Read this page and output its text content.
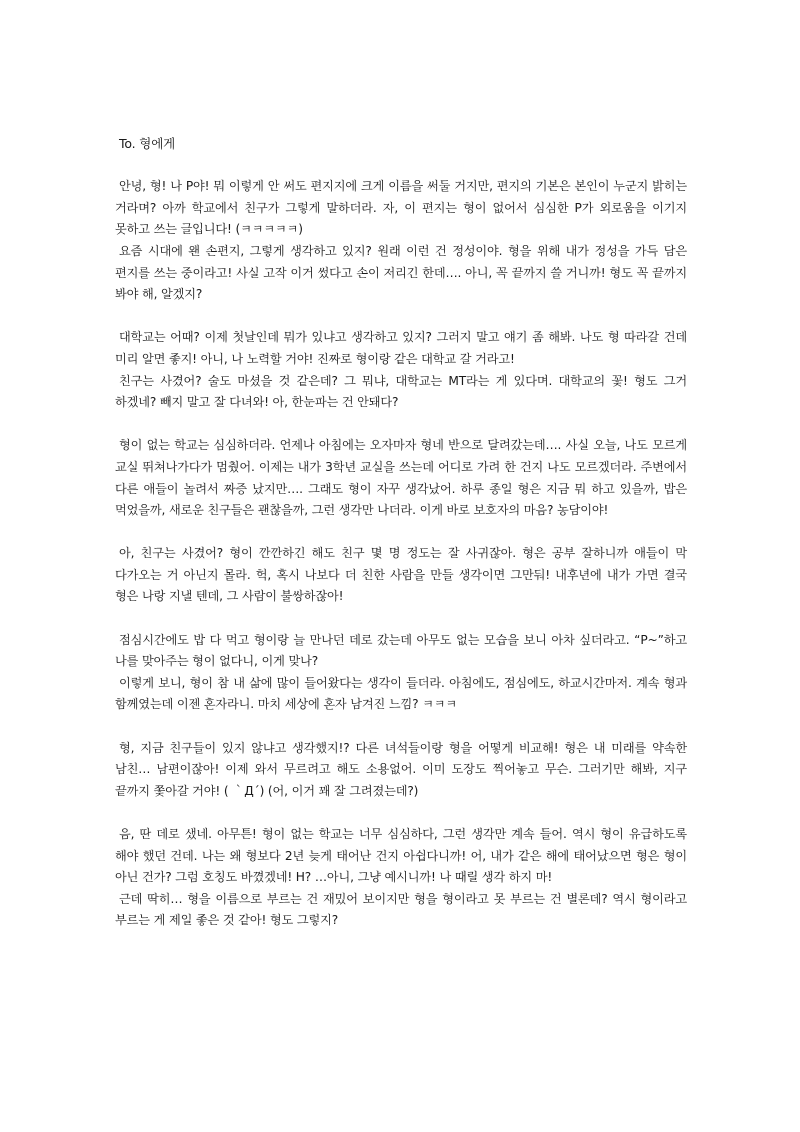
To. 형에게

안녕, 형! 나 P야! 뭐 이렇게 안 써도 편지지에 크게 이름을 써둘 거지만, 편지의 기본은 본인이 누군지 밝히는 거라며? 아까 학교에서 친구가 그렇게 말하더라. 자, 이 편지는 형이 없어서 심심한 P가 외로움을 이기지 못하고 쓰는 글입니다! (ㅋㅋㅋㅋㅋ)

요즘 시대에 왠 손편지, 그렇게 생각하고 있지? 원래 이런 건 정성이야. 형을 위해 내가 정성을 가득 담은 편지를 쓰는 중이라고! 사실 고작 이거 썼다고 손이 저리긴 한데…. 아니, 꼭 끝까지 쓸 거니까! 형도 꼭 끝까지 봐야 해, 알겠지?

대학교는 어때? 이제 첫날인데 뭐가 있냐고 생각하고 있지? 그러지 말고 얘기 좀 해봐. 나도 형 따라갈 건데 미리 알면 좋지! 아니, 나 노력할 거야! 진짜로 형이랑 같은 대학교 갈 거라고!

친구는 사겼어? 술도 마셨을 것 같은데? 그 뭐냐, 대학교는 MT라는 게 있다며. 대학교의 꽃! 형도 그거 하겠네? 빼지 말고 잘 다녀와! 아, 한눈파는 건 안돼다?

형이 없는 학교는 심심하더라. 언제나 아침에는 오자마자 형네 반으로 달려갔는데…. 사실 오늘, 나도 모르게 교실 뛰쳐나가다가 멈췄어. 이제는 내가 3학년 교실을 쓰는데 어디로 가려 한 건지 나도 모르겠더라. 주변에서 다른 애들이 놀려서 짜증 났지만…. 그래도 형이 자꾸 생각났어. 하루 종일 형은 지금 뭐 하고 있을까, 밥은 먹었을까, 새로운 친구들은 괜찮을까, 그런 생각만 나더라. 이게 바로 보호자의 마음? 농담이야!

아, 친구는 사겼어? 형이 깐깐하긴 해도 친구 몇 명 정도는 잘 사귀잖아. 형은 공부 잘하니까 애들이 막 다가오는 거 아닌지 몰라. 헉, 혹시 나보다 더 친한 사람을 만들 생각이면 그만둬! 내후년에 내가 가면 결국 형은 나랑 지낼 텐데, 그 사람이 불쌍하잖아!

점심시간에도 밥 다 먹고 형이랑 늘 만나던 데로 갔는데 아무도 없는 모습을 보니 아차 싶더라고. “P~”하고 나를 맞아주는 형이 없다니, 이게 맞나?

이렇게 보니, 형이 참 내 삶에 많이 들어왔다는 생각이 들더라. 아침에도, 점심에도, 하교시간마저. 계속 형과 함께였는데 이젠 혼자라니. 마치 세상에 혼자 남겨진 느낌? ㅋㅋㅋ

형, 지금 친구들이 있지 않냐고 생각했지!? 다른 녀석들이랑 형을 어떻게 비교해! 형은 내 미래를 약속한 남친… 남편이잖아! 이제 와서 무르려고 해도 소용없어. 이미 도장도 찍어놓고 무슨. 그러기만 해봐, 지구 끝까지 쫓아갈 거야! ( ｀Д´) (어, 이거 꽤 잘 그려졌는데?)

음, 딴 데로 샜네. 아무튼! 형이 없는 학교는 너무 심심하다, 그런 생각만 계속 들어. 역시 형이 유급하도록 해야 했던 건데. 나는 왜 형보다 2년 늦게 태어난 건지 아쉽다니까! 어, 내가 같은 해에 태어났으면 형은 형이 아닌 건가? 그럼 호칭도 바꼈겠네! H? …아니, 그냥 예시니까! 나 때릴 생각 하지 마!

근데 딱히… 형을 이름으로 부르는 건 재밌어 보이지만 형을 형이라고 못 부르는 건 별론데? 역시 형이라고 부르는 게 제일 좋은 것 같아! 형도 그렇지?
